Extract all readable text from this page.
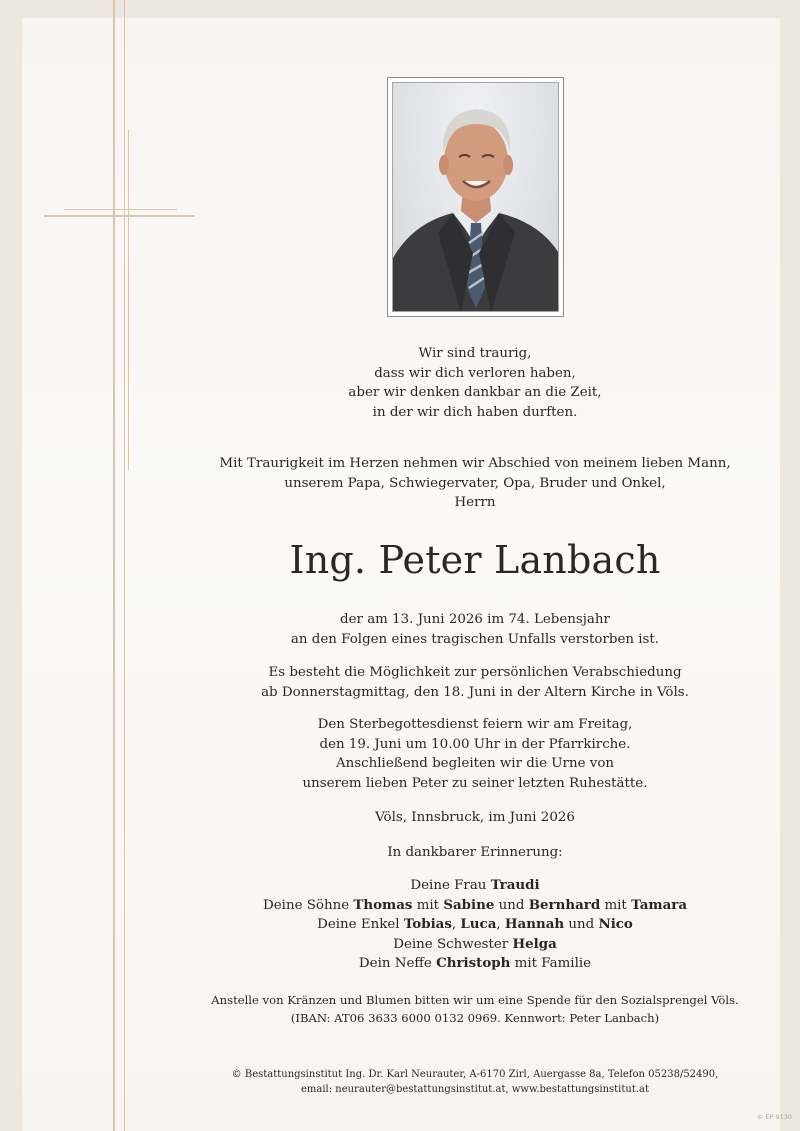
Wir sind traurig,

dass wir dich verloren haben,

aber wir denken dankbar an die Zeit,

in der wir dich haben durften.

Mit Traurigkeit im Herzen nehmen wir Abschied von meinem lieben Mann,

unserem Papa, Schwiegervater, Opa, Bruder und Onkel,

Herrn

Ing. Peter Lanbach

der am 13. Juni 2026 im 74. Lebensjahr

an den Folgen eines tragischen Unfalls verstorben ist.

Es besteht die Möglichkeit zur persönlichen Verabschiedung

ab Donnerstagmittag, den 18. Juni in der Altern Kirche in Völs.

Den Sterbegottesdienst feiern wir am Freitag,

den 19. Juni um 10.00 Uhr in der Pfarrkirche.

Anschließend begleiten wir die Urne von

unserem lieben Peter zu seiner letzten Ruhestätte.

Völs, Innsbruck, im Juni 2026
In dankbarer Erinnerung:

Deine Frau Traudi

Deine Söhne Thomas mit Sabine und Bernhard mit Tamara

Deine Enkel Tobias, Luca, Hannah und Nico

Deine Schwester Helga

Dein Neffe Christoph mit Familie

Anstelle von Kränzen und Blumen bitten wir um eine Spende für den Sozialsprengel Völs.

(IBAN: AT06 3633 6000 0132 0969. Kennwort: Peter Lanbach)

© Bestattungsinstitut Ing. Dr. Karl Neurauter, A-6170 Zirl, Auergasse 8a, Telefon 05238/52490,

email: neurauter@bestattungsinstitut.at, www.bestattungsinstitut.at

© EP 9130
